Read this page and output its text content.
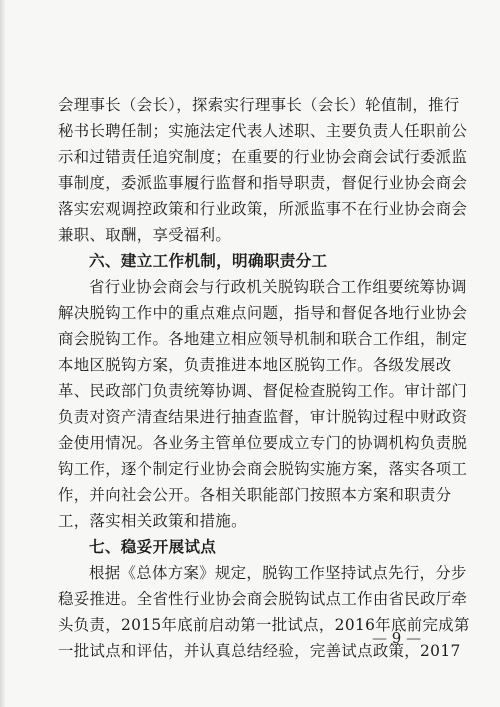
会理事长（会长），探索实行理事长（会长）轮值制，推行
秘书长聘任制；实施法定代表人述职、主要负责人任职前公
示和过错责任追究制度；在重要的行业协会商会试行委派监
事制度，委派监事履行监督和指导职责，督促行业协会商会
落实宏观调控政策和行业政策，所派监事不在行业协会商会
兼职、取酬，享受福利。
六、建立工作机制，明确职责分工
省行业协会商会与行政机关脱钩联合工作组要统筹协调
解决脱钩工作中的重点难点问题，指导和督促各地行业协会
商会脱钩工作。各地建立相应领导机制和联合工作组，制定
本地区脱钩方案，负责推进本地区脱钩工作。各级发展改
革、民政部门负责统筹协调、督促检查脱钩工作。审计部门
负责对资产清查结果进行抽查监督，审计脱钩过程中财政资
金使用情况。各业务主管单位要成立专门的协调机构负责脱
钩工作，逐个制定行业协会商会脱钩实施方案，落实各项工
作，并向社会公开。各相关职能部门按照本方案和职责分
工，落实相关政策和措施。
七、稳妥开展试点
根据《总体方案》规定，脱钩工作坚持试点先行，分步
稳妥推进。全省性行业协会商会脱钩试点工作由省民政厅牵
头负责，2015年底前启动第一批试点，2016年底前完成第
一批试点和评估，并认真总结经验，完善试点政策，2017
— 9 —
